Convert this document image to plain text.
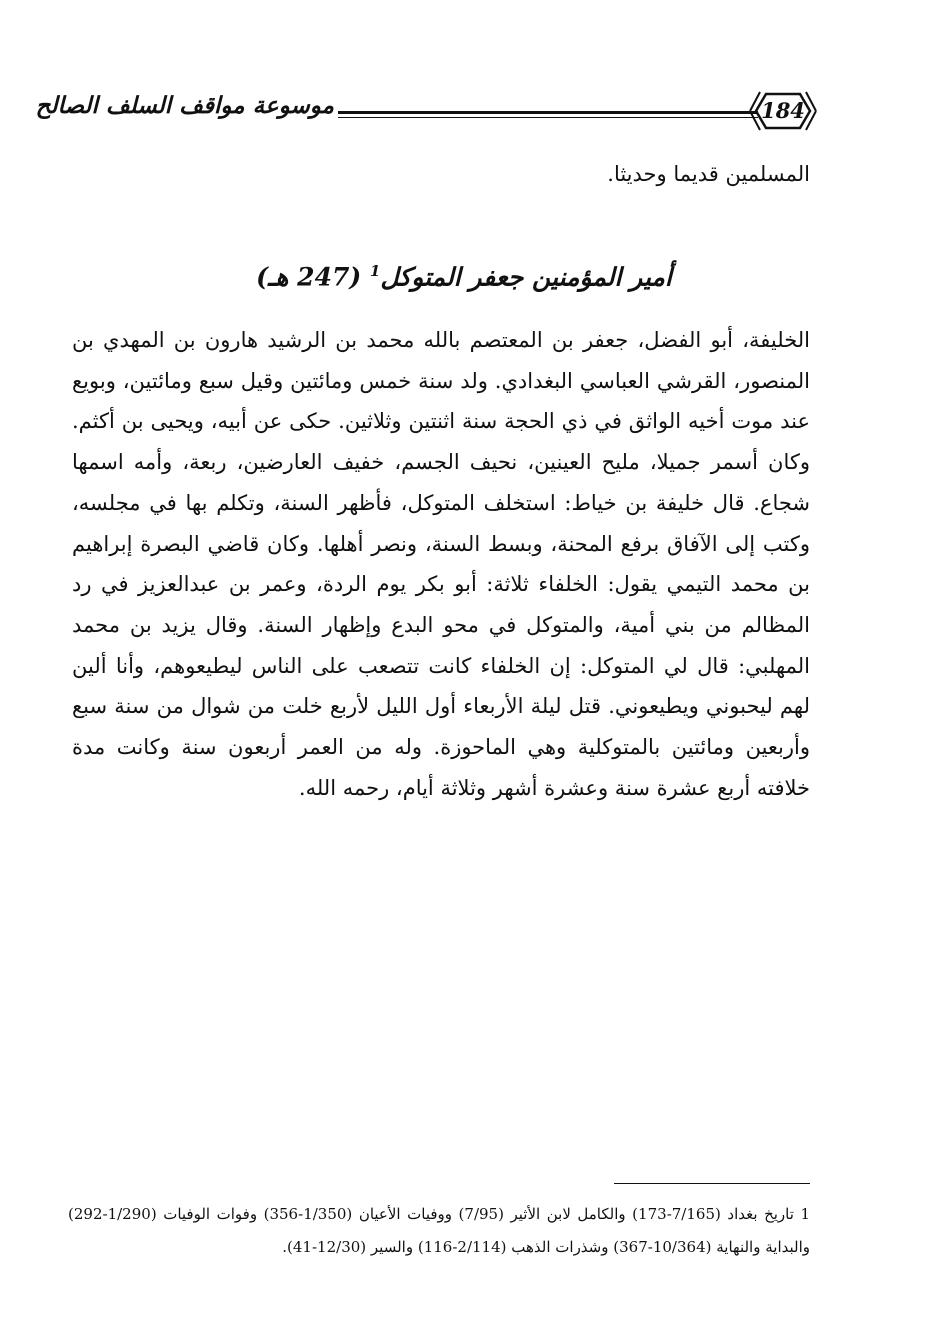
موسوعة مواقف السلف الصالح	184
المسلمين قديما وحديثا.
أمير المؤمنين جعفر المتوكل$^1$ (247 هـ)
الخليفة، أبو الفضل، جعفر بن المعتصم بالله محمد بن الرشيد هارون بن المهدي بن المنصور، القرشي العباسي البغدادي. ولد سنة خمس ومائتين وقيل سبع ومائتين، وبويع عند موت أخيه الواثق في ذي الحجة سنة اثنتين وثلاثين. حكى عن أبيه، ويحيى بن أكثم. وكان أسمر جميلا، مليح العينين، نحيف الجسم، خفيف العارضين، ربعة، وأمه اسمها شجاع. قال خليفة بن خياط: استخلف المتوكل، فأظهر السنة، وتكلم بها في مجلسه، وكتب إلى الآفاق برفع المحنة، وبسط السنة، ونصر أهلها. وكان قاضي البصرة إبراهيم بن محمد التيمي يقول: الخلفاء ثلاثة: أبو بكر يوم الردة، وعمر بن عبدالعزيز في رد المظالم من بني أمية، والمتوكل في محو البدع وإظهار السنة. وقال يزيد بن محمد المهلبي: قال لي المتوكل: إن الخلفاء كانت تتصعب على الناس ليطيعوهم، وأنا ألين لهم ليحبوني ويطيعوني. قتل ليلة الأربعاء أول الليل لأربع خلت من شوال من سنة سبع وأربعين ومائتين بالمتوكلية وهي الماحوزة. وله من العمر أربعون سنة وكانت مدة خلافته أربع عشرة سنة وعشرة أشهر وثلاثة أيام، رحمه الله.
1 تاريخ بغداد (7/165-173) والكامل لابن الأثير (7/95) ووفيات الأعيان (1/350-356) وفوات الوفيات (1/290-292) والبداية والنهاية (10/364-367) وشذرات الذهب (2/114-116) والسير (12/30-41).
